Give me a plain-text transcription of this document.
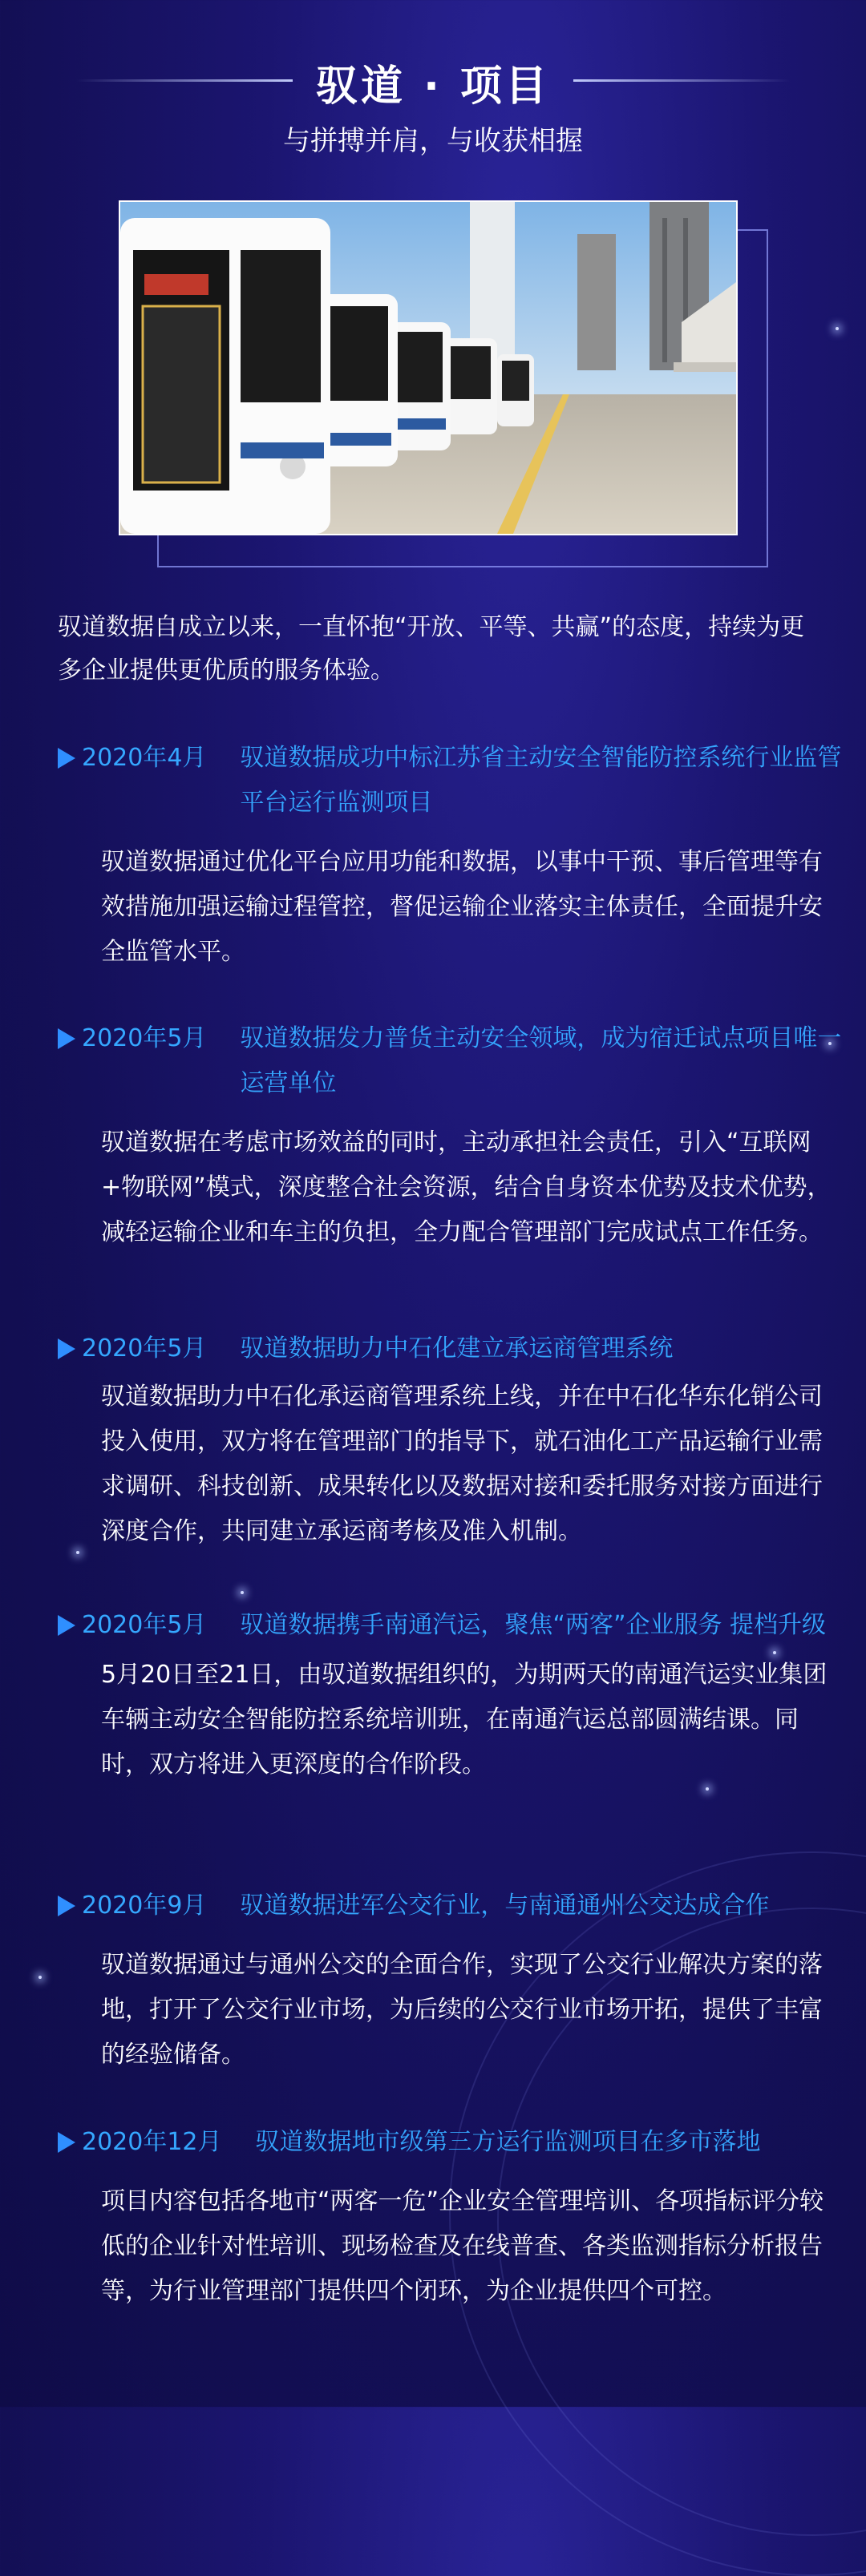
驭道 · 项目
与拼搏并肩，与收获相握
驭道数据自成立以来，一直怀抱“开放、平等、共赢”的态度，持续为更多企业提供更优质的服务体验。
2020年4月 驭道数据成功中标江苏省主动安全智能防控系统行业监管平台运行监测项目
驭道数据通过优化平台应用功能和数据，以事中干预、事后管理等有效措施加强运输过程管控，督促运输企业落实主体责任，全面提升安全监管水平。
2020年5月 驭道数据发力普货主动安全领域，成为宿迁试点项目唯一运营单位
驭道数据在考虑市场效益的同时，主动承担社会责任，引入“互联网+物联网”模式，深度整合社会资源，结合自身资本优势及技术优势，减轻运输企业和车主的负担，全力配合管理部门完成试点工作任务。
2020年5月 驭道数据助力中石化建立承运商管理系统
驭道数据助力中石化承运商管理系统上线，并在中石化华东化销公司投入使用，双方将在管理部门的指导下，就石油化工产品运输行业需求调研、科技创新、成果转化以及数据对接和委托服务对接方面进行深度合作，共同建立承运商考核及准入机制。
2020年5月 驭道数据携手南通汽运，聚焦“两客”企业服务 提档升级
5月20日至21日，由驭道数据组织的，为期两天的南通汽运实业集团车辆主动安全智能防控系统培训班，在南通汽运总部圆满结课。同时，双方将进入更深度的合作阶段。
2020年9月 驭道数据进军公交行业，与南通通州公交达成合作
驭道数据通过与通州公交的全面合作，实现了公交行业解决方案的落地，打开了公交行业市场，为后续的公交行业市场开拓，提供了丰富的经验储备。
2020年12月 驭道数据地市级第三方运行监测项目在多市落地
项目内容包括各地市“两客一危”企业安全管理培训、各项指标评分较低的企业针对性培训、现场检查及在线普查、各类监测指标分析报告等，为行业管理部门提供四个闭环，为企业提供四个可控。
